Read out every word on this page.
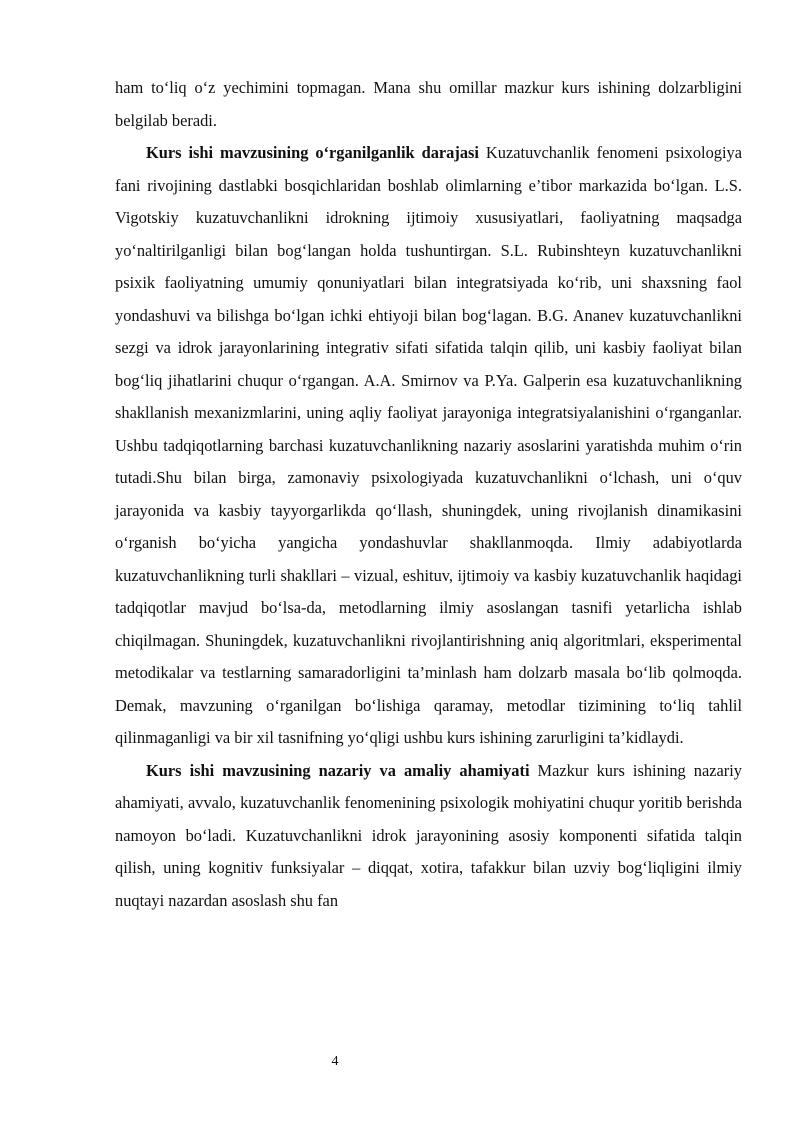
ham to‘liq o‘z yechimini topmagan. Mana shu omillar mazkur kurs ishining dolzarbligini belgilab beradi.

Kurs ishi mavzusining o‘rganilganlik darajasi Kuzatuvchanlik fenomeni psixologiya fani rivojining dastlabki bosqichlaridan boshlab olimlarning e’tibor markazida bo‘lgan. L.S. Vigotskiy kuzatuvchanlikni idrokning ijtimoiy xususiyatlari, faoliyatning maqsadga yo‘naltirilganligi bilan bog‘langan holda tushuntirgan. S.L. Rubinshteyn kuzatuvchanlikni psixik faoliyatning umumiy qonuniyatlari bilan integratsiyada ko‘rib, uni shaxsning faol yondashuvi va bilishga bo‘lgan ichki ehtiyoji bilan bog‘lagan. B.G. Ananev kuzatuvchanlikni sezgi va idrok jarayonlarining integrativ sifati sifatida talqin qilib, uni kasbiy faoliyat bilan bog‘liq jihatlarini chuqur o‘rgangan. A.A. Smirnov va P.Ya. Galperin esa kuzatuvchanlikning shakllanish mexanizmlarini, uning aqliy faoliyat jarayoniga integratsiyalanishini o‘rganganlar. Ushbu tadqiqotlarning barchasi kuzatuvchanlikning nazariy asoslarini yaratishda muhim o‘rin tutadi.Shu bilan birga, zamonaviy psixologiyada kuzatuvchanlikni o‘lchash, uni o‘quv jarayonida va kasbiy tayyorgarlikda qo‘llash, shuningdek, uning rivojlanish dinamikasini o‘rganish bo‘yicha yangicha yondashuvlar shakllanmoqda. Ilmiy adabiyotlarda kuzatuvchanlikning turli shakllari – vizual, eshituv, ijtimoiy va kasbiy kuzatuvchanlik haqidagi tadqiqotlar mavjud bo‘lsa-da, metodlarning ilmiy asoslangan tasnifi yetarlicha ishlab chiqilmagan. Shuningdek, kuzatuvchanlikni rivojlantirishning aniq algoritmlari, eksperimental metodikalar va testlarning samaradorligini ta’minlash ham dolzarb masala bo‘lib qolmoqda. Demak, mavzuning o‘rganilgan bo‘lishiga qaramay, metodlar tizimining to‘liq tahlil qilinmaganligi va bir xil tasnifning yo‘qligi ushbu kurs ishining zarurligini ta’kidlaydi.

Kurs ishi mavzusining nazariy va amaliy ahamiyati Mazkur kurs ishining nazariy ahamiyati, avvalo, kuzatuvchanlik fenomenining psixologik mohiyatini chuqur yoritib berishda namoyon bo‘ladi. Kuzatuvchanlikni idrok jarayonining asosiy komponenti sifatida talqin qilish, uning kognitiv funksiyalar – diqqat, xotira, tafakkur bilan uzviy bog‘liqligini ilmiy nuqtayi nazardan asoslash shu fan

4
